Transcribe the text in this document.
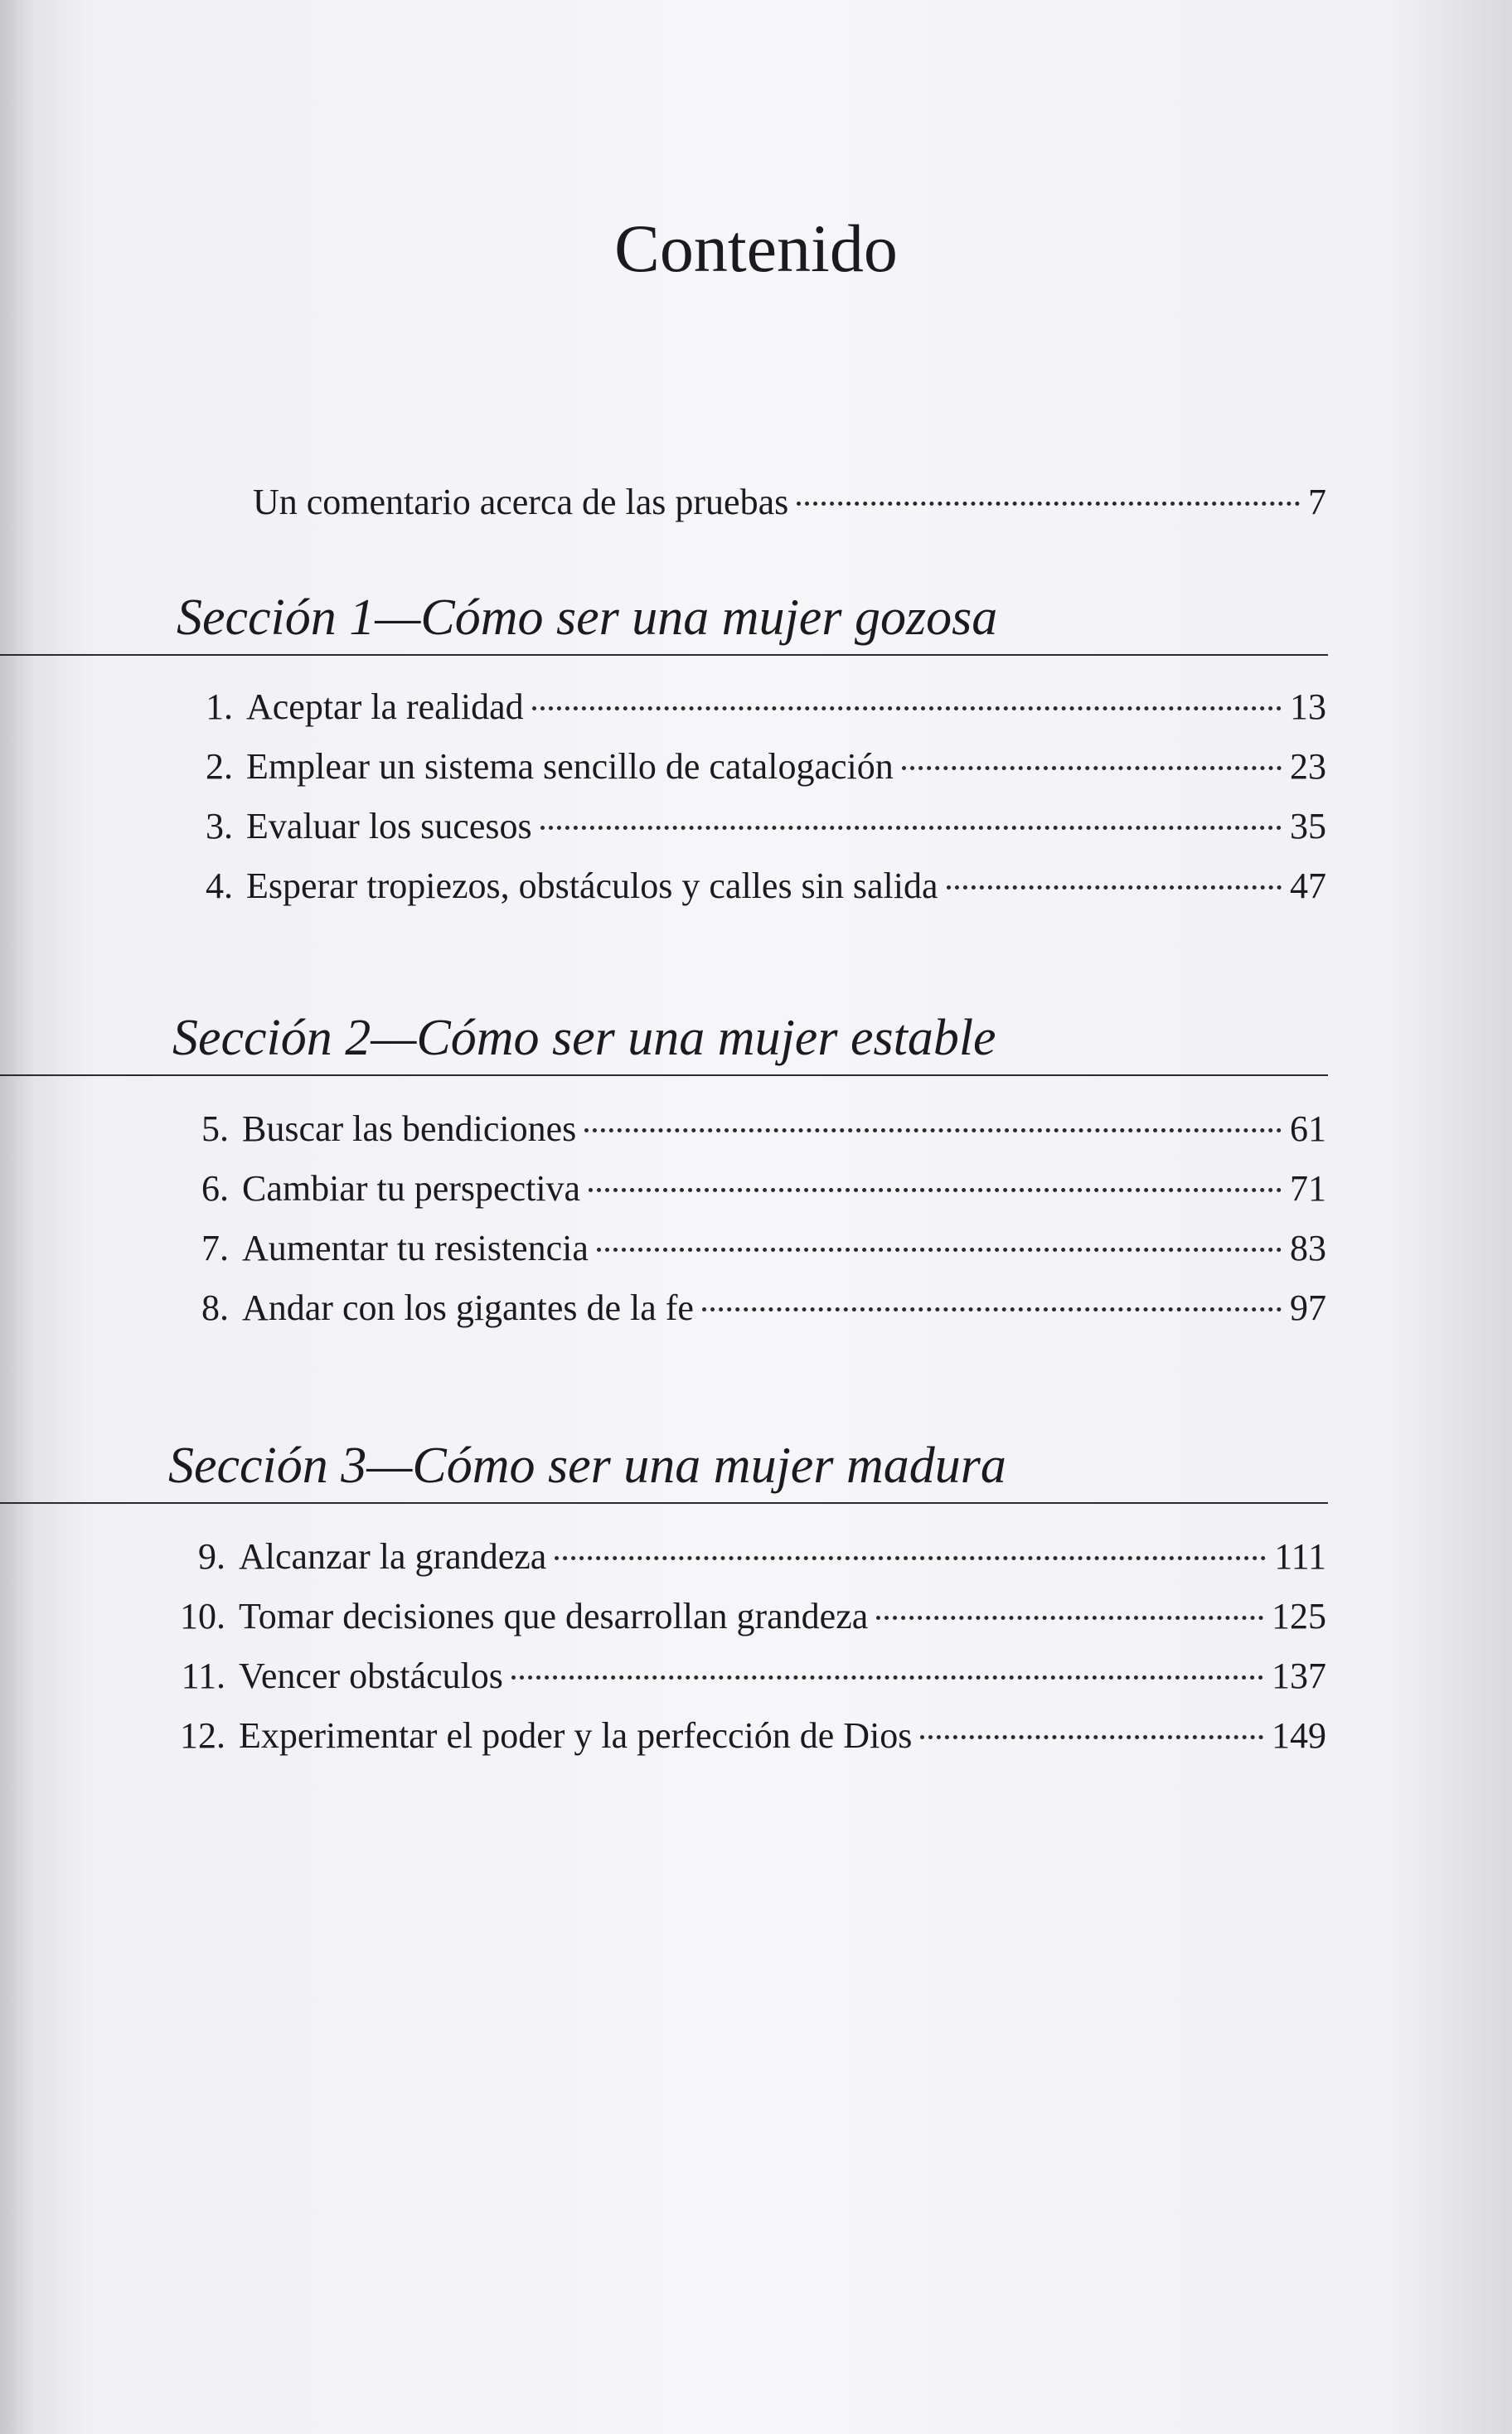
Contenido
Un comentario acerca de las pruebas	7
Sección 1—Cómo ser una mujer gozosa
1. Aceptar la realidad	13
2. Emplear un sistema sencillo de catalogación	23
3. Evaluar los sucesos	35
4. Esperar tropiezos, obstáculos y calles sin salida	47
Sección 2—Cómo ser una mujer estable
5. Buscar las bendiciones	61
6. Cambiar tu perspectiva	71
7. Aumentar tu resistencia	83
8. Andar con los gigantes de la fe	97
Sección 3—Cómo ser una mujer madura
9. Alcanzar la grandeza	111
10. Tomar decisiones que desarrollan grandeza	125
11. Vencer obstáculos	137
12. Experimentar el poder y la perfección de Dios	149
